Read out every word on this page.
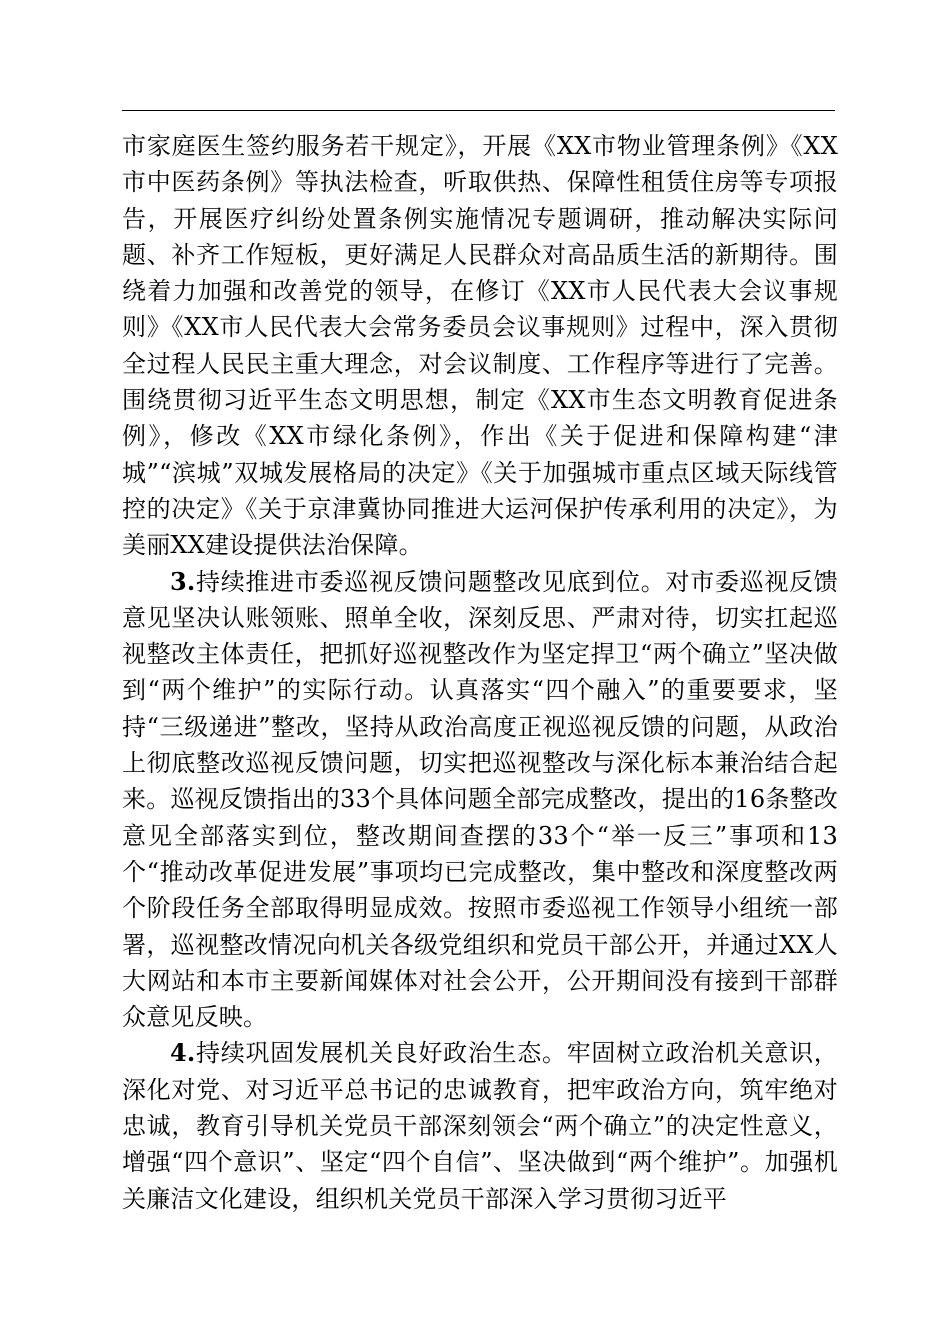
市家庭医生签约服务若干规定》，开展《XX市物业管理条例》《XX市中医药条例》等执法检查，听取供热、保障性租赁住房等专项报告，开展医疗纠纷处置条例实施情况专题调研，推动解决实际问题、补齐工作短板，更好满足人民群众对高品质生活的新期待。围绕着力加强和改善党的领导，在修订《XX市人民代表大会议事规则》《XX市人民代表大会常务委员会议事规则》过程中，深入贯彻全过程人民民主重大理念，对会议制度、工作程序等进行了完善。围绕贯彻习近平生态文明思想，制定《XX市生态文明教育促进条例》，修改《XX市绿化条例》，作出《关于促进和保障构建“津城”“滨城”双城发展格局的决定》《关于加强城市重点区域天际线管控的决定》《关于京津冀协同推进大运河保护传承利用的决定》，为美丽XX建设提供法治保障。

3.持续推进市委巡视反馈问题整改见底到位。对市委巡视反馈意见坚决认账领账、照单全收，深刻反思、严肃对待，切实扛起巡视整改主体责任，把抓好巡视整改作为坚定捍卫“两个确立”坚决做到“两个维护”的实际行动。认真落实“四个融入”的重要要求，坚持“三级递进”整改，坚持从政治高度正视巡视反馈的问题，从政治上彻底整改巡视反馈问题，切实把巡视整改与深化标本兼治结合起来。巡视反馈指出的33个具体问题全部完成整改，提出的16条整改意见全部落实到位，整改期间查摆的33个“举一反三”事项和13个“推动改革促进发展”事项均已完成整改，集中整改和深度整改两个阶段任务全部取得明显成效。按照市委巡视工作领导小组统一部署，巡视整改情况向机关各级党组织和党员干部公开，并通过XX人大网站和本市主要新闻媒体对社会公开，公开期间没有接到干部群众意见反映。

4.持续巩固发展机关良好政治生态。牢固树立政治机关意识，深化对党、对习近平总书记的忠诚教育，把牢政治方向，筑牢绝对忠诚，教育引导机关党员干部深刻领会“两个确立”的决定性意义，增强“四个意识”、坚定“四个自信”、坚决做到“两个维护”。加强机关廉洁文化建设，组织机关党员干部深入学习贯彻习近平
